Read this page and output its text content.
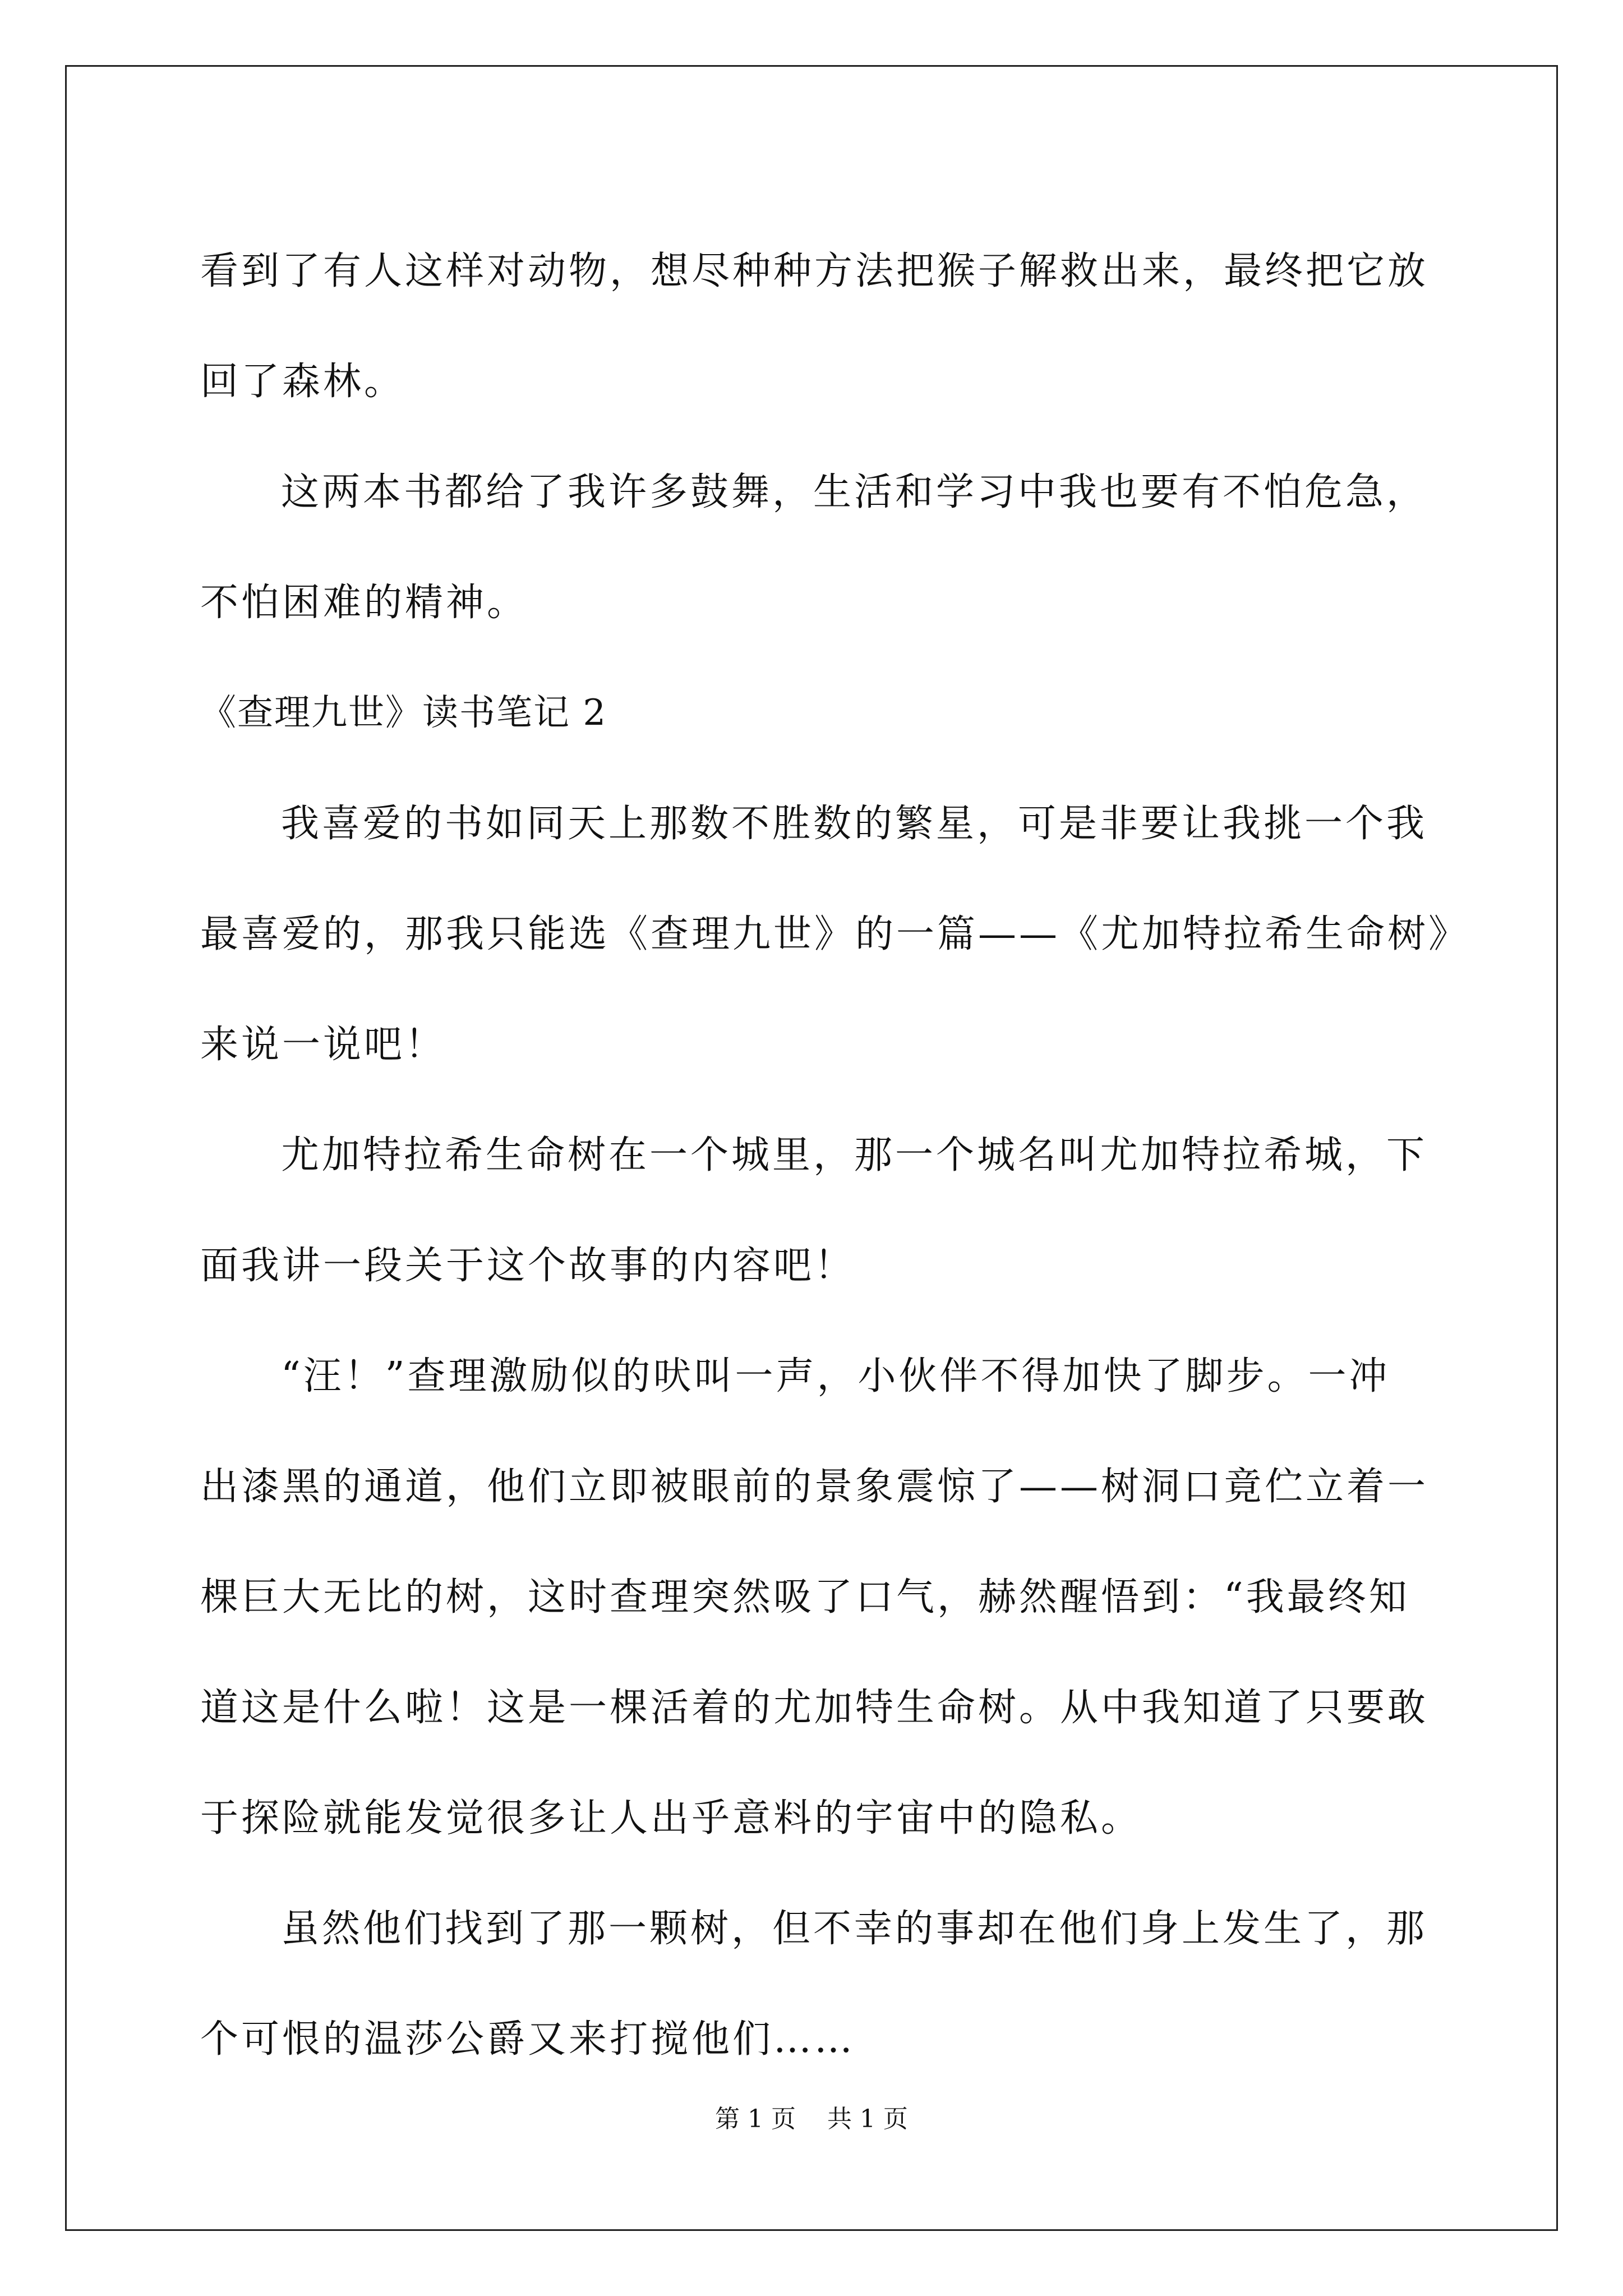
看到了有人这样对动物，想尽种种方法把猴子解救出来，最终把它放
回了森林。
这两本书都给了我许多鼓舞，生活和学习中我也要有不怕危急，
不怕困难的精神。
《查理九世》读书笔记 2
我喜爱的书如同天上那数不胜数的繁星，可是非要让我挑一个我
最喜爱的，那我只能选《查理九世》的一篇——《尤加特拉希生命树》
来说一说吧！
尤加特拉希生命树在一个城里，那一个城名叫尤加特拉希城，下
面我讲一段关于这个故事的内容吧！
“汪！”查理激励似的吠叫一声，小伙伴不得加快了脚步。一冲
出漆黑的通道，他们立即被眼前的景象震惊了——树洞口竟伫立着一
棵巨大无比的树，这时查理突然吸了口气，赫然醒悟到：“我最终知
道这是什么啦！这是一棵活着的尤加特生命树。从中我知道了只要敢
于探险就能发觉很多让人出乎意料的宇宙中的隐私。
虽然他们找到了那一颗树，但不幸的事却在他们身上发生了，那
个可恨的温莎公爵又来打搅他们……
第 1 页    共 1 页
